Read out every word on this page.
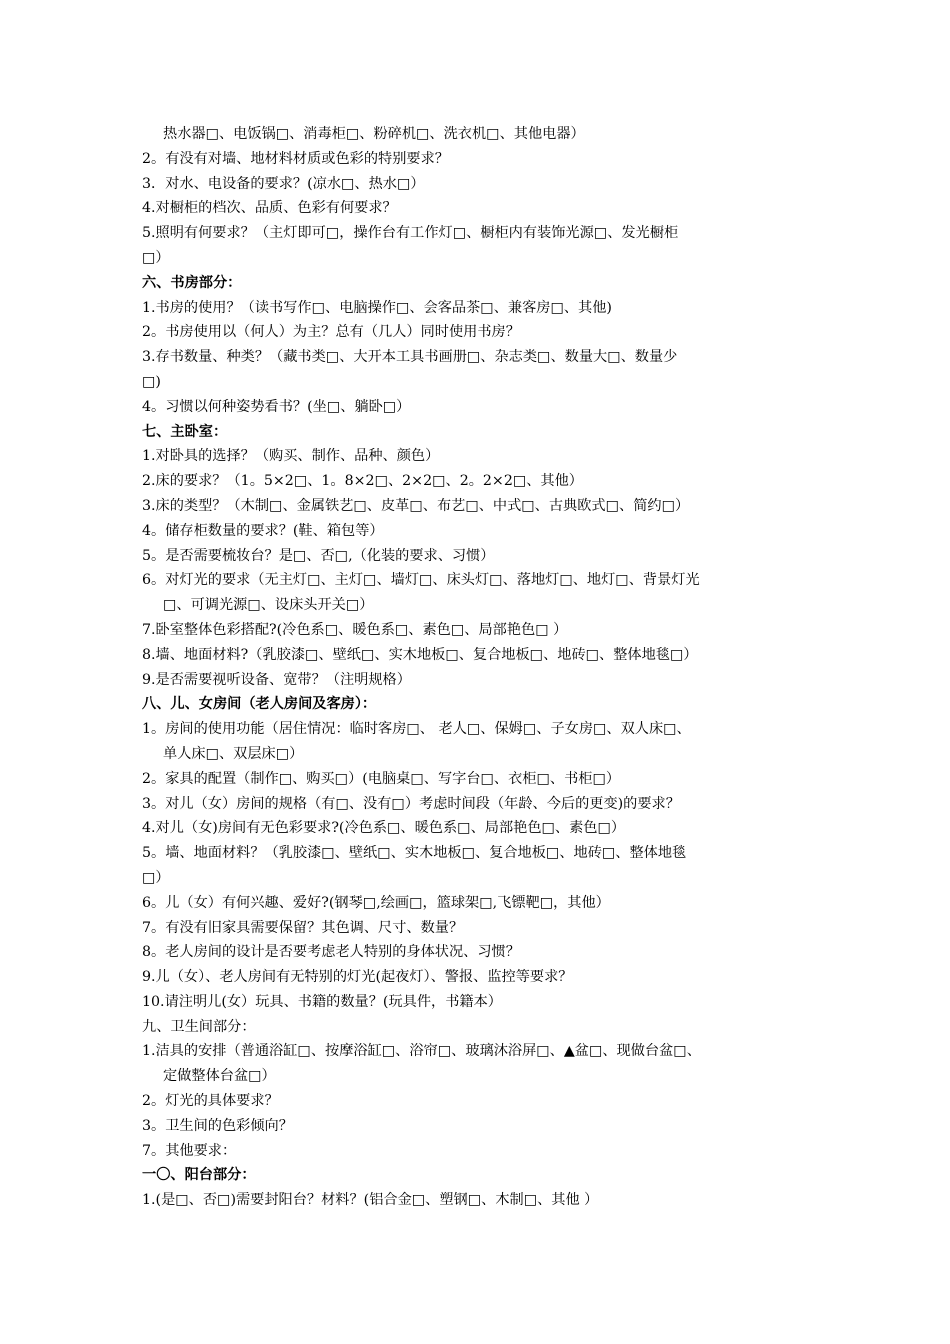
热水器□、电饭锅□、消毒柜□、粉碎机□、洗衣机□、其他电器）
2。有没有对墙、地材料材质或色彩的特别要求？
3．对水、电设备的要求？(凉水□、热水□）
4.对橱柜的档次、品质、色彩有何要求？
5.照明有何要求？（主灯即可□，操作台有工作灯□、橱柜内有装饰光源□、发光橱柜
□）
六、书房部分：
1.书房的使用？（读书写作□、电脑操作□、会客品茶□、兼客房□、其他)
2。书房使用以（何人）为主？总有（几人）同时使用书房？
3.存书数量、种类？（藏书类□、大开本工具书画册□、杂志类□、数量大□、数量少
□)
4。习惯以何种姿势看书？(坐□、躺卧□）
七、主卧室：
1.对卧具的选择？（购买、制作、品种、颜色）
2.床的要求？（1。5×2□、1。8×2□、2×2□、2。2×2□、其他）
3.床的类型？（木制□、金属铁艺□、皮革□、布艺□、中式□、古典欧式□、简约□）
4。储存柜数量的要求？(鞋、箱包等）
5。是否需要梳妆台？是□、否□,（化装的要求、习惯）
6。对灯光的要求（无主灯□、主灯□、墙灯□、床头灯□、落地灯□、地灯□、背景灯光
□、可调光源□、设床头开关□）
7.卧室整体色彩搭配?(冷色系□、暖色系□、素色□、局部艳色□ ）
8.墙、地面材料?（乳胶漆□、壁纸□、实木地板□、复合地板□、地砖□、整体地毯□）
9.是否需要视听设备、宽带？（注明规格）
八、儿、女房间（老人房间及客房）：
1。房间的使用功能（居住情况：临时客房□、 老人□、保姆□、子女房□、双人床□、
单人床□、双层床□）
2。家具的配置（制作□、购买□）(电脑桌□、写字台□、衣柜□、书柜□）
3。对儿（女）房间的规格（有□、没有□）考虑时间段（年龄、今后的更变)的要求？
4.对儿（女)房间有无色彩要求?(冷色系□、暖色系□、局部艳色□、素色□）
5。墙、地面材料？（乳胶漆□、壁纸□、实木地板□、复合地板□、地砖□、整体地毯
□）
6。儿（女）有何兴趣、爱好?(钢琴□,绘画□，篮球架□,飞镖靶□，其他）
7。有没有旧家具需要保留？其色调、尺寸、数量？
8。老人房间的设计是否要考虑老人特别的身体状况、习惯？
9.儿（女）、老人房间有无特别的灯光(起夜灯）、警报、监控等要求？
10.请注明儿(女）玩具、书籍的数量？(玩具件，书籍本）
九、卫生间部分：
1.洁具的安排（普通浴缸□、按摩浴缸□、浴帘□、玻璃沐浴屏□、▲盆□、现做台盆□、
定做整体台盆□）
2。灯光的具体要求？
3。卫生间的色彩倾向？
7。其他要求：
一〇、阳台部分：
1.(是□、否□)需要封阳台？材料？(铝合金□、塑钢□、木制□、其他 ）
